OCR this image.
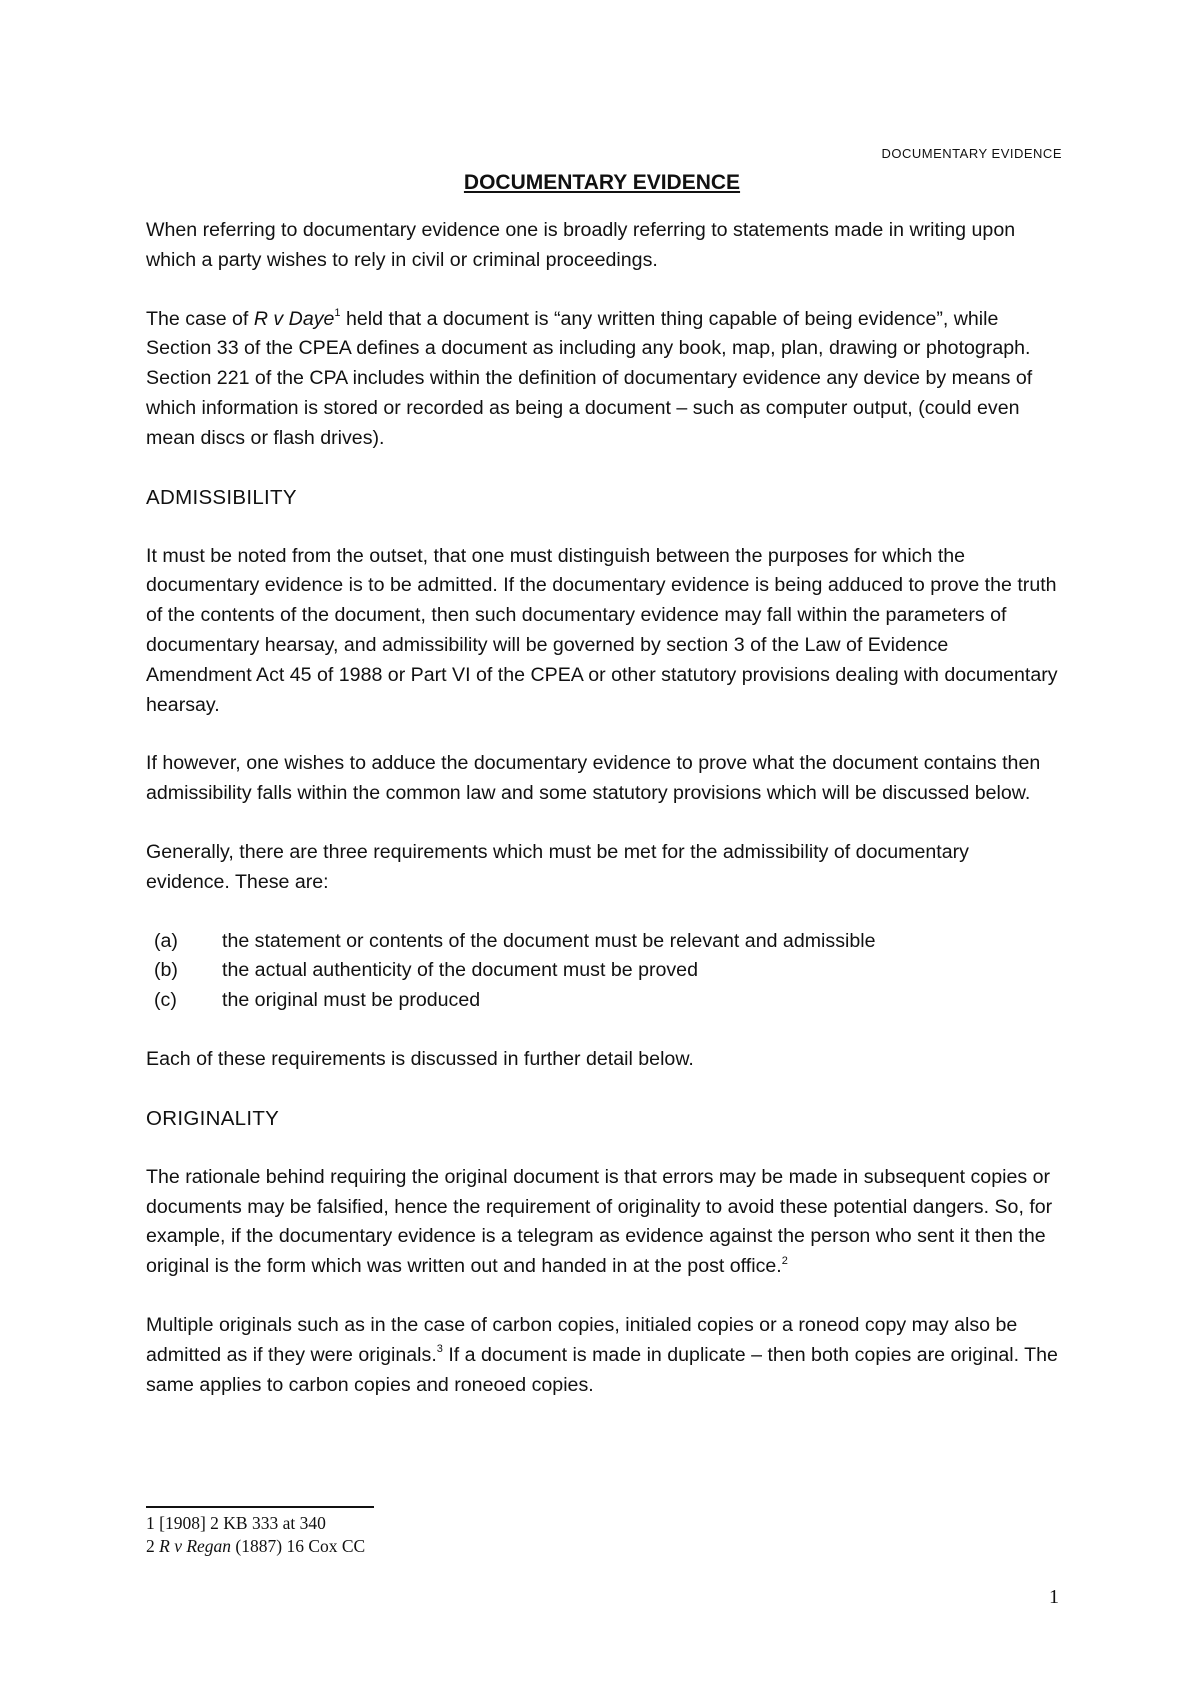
DOCUMENTARY EVIDENCE
DOCUMENTARY EVIDENCE

When referring to documentary evidence one is broadly referring to statements made in writing upon which a party wishes to rely in civil or criminal proceedings.

The case of R v Daye$^1$ held that a document is “any written thing capable of being evidence”, while Section 33 of the CPEA defines a document as including any book, map, plan, drawing or photograph. Section 221 of the CPA includes within the definition of documentary evidence any device by means of which information is stored or recorded as being a document – such as computer output, (could even mean discs or flash drives).

ADMISSIBILITY

It must be noted from the outset, that one must distinguish between the purposes for which the documentary evidence is to be admitted. If the documentary evidence is being adduced to prove the truth of the contents of the document, then such documentary evidence may fall within the parameters of documentary hearsay, and admissibility will be governed by section 3 of the Law of Evidence Amendment Act 45 of 1988 or Part VI of the CPEA or other statutory provisions dealing with documentary hearsay.

If however, one wishes to adduce the documentary evidence to prove what the document contains then admissibility falls within the common law and some statutory provisions which will be discussed below.

Generally, there are three requirements which must be met for the admissibility of documentary evidence. These are:

(a)	the statement or contents of the document must be relevant and admissible
(b)	the actual authenticity of the document must be proved
(c)	the original must be produced

Each of these requirements is discussed in further detail below.

ORIGINALITY

The rationale behind requiring the original document is that errors may be made in subsequent copies or documents may be falsified, hence the requirement of originality to avoid these potential dangers. So, for example, if the documentary evidence is a telegram as evidence against the person who sent it then the original is the form which was written out and handed in at the post office.$^2$

Multiple originals such as in the case of carbon copies, initialed copies or a roneod copy may also be admitted as if they were originals.$^3$ If a document is made in duplicate – then both copies are original. The same applies to carbon copies and roneoed copies.

1 [1908] 2 KB 333 at 340
2 R v Regan (1887) 16 Cox CC
1
